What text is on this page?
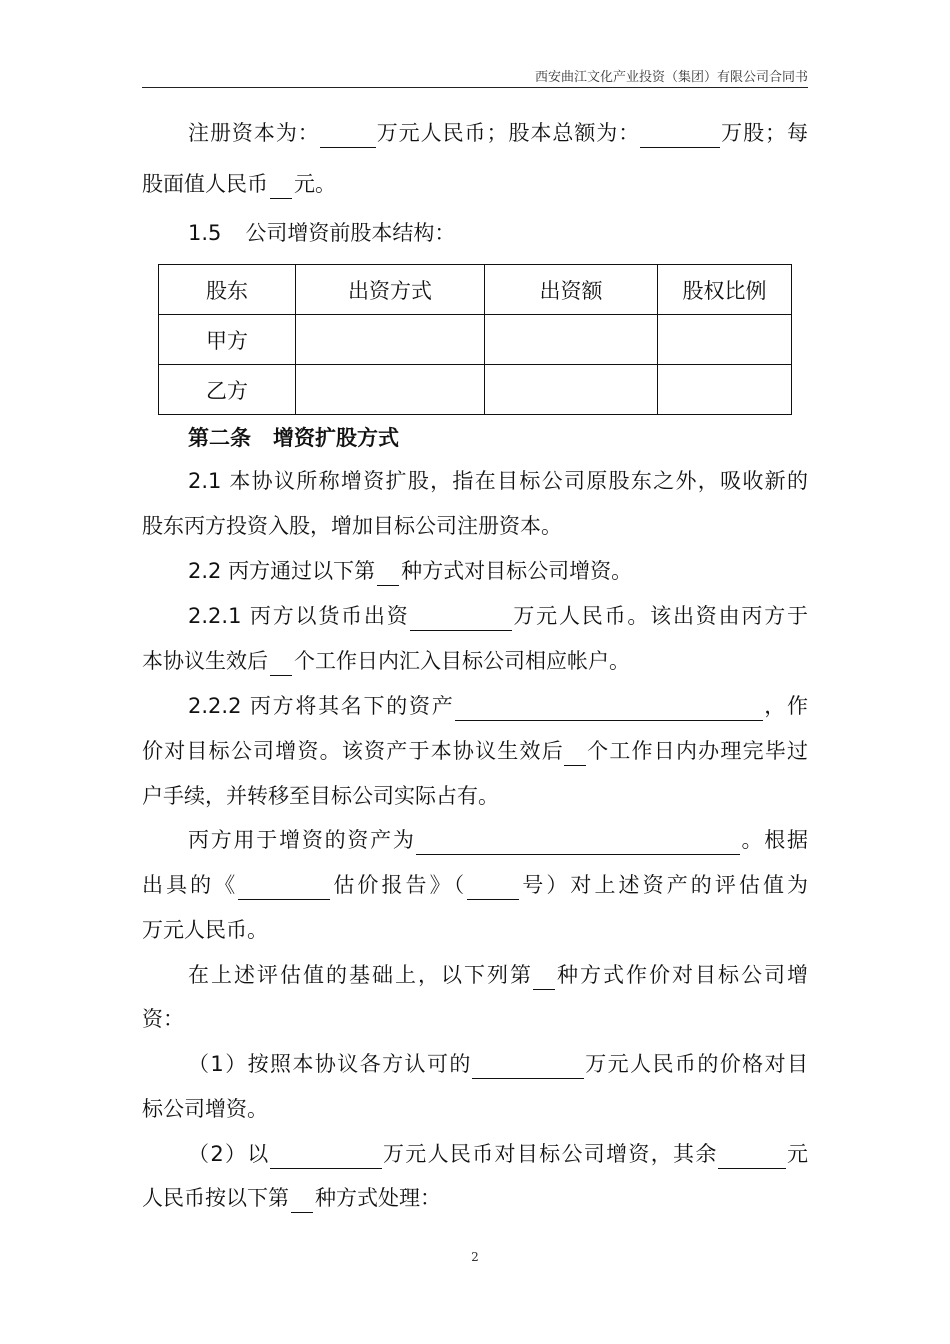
西安曲江文化产业投资（集团）有限公司合同书
注册资本为：	万元人民币；股本总额为：	万股；每
股面值人民币 元。
1.5 公司增资前股本结构：
股东	出资方式	出资额	股权比例
甲方			
乙方			
第二条 增资扩股方式
2.1 本协议所称增资扩股，指在目标公司原股东之外，吸收新的
股东丙方投资入股，增加目标公司注册资本。
2.2 丙方通过以下第 种方式对目标公司增资。
2.2.1 丙方以货币出资	万元人民币。该出资由丙方于
本协议生效后 个工作日内汇入目标公司相应帐户。
2.2.2 丙方将其名下的资产	，作
价对目标公司增资。该资产于本协议生效后 个工作日内办理完毕过
户手续，并转移至目标公司实际占有。
丙方用于增资的资产为	。根据
出具的《	估价报告》（ 号）对上述资产的评估值为
万元人民币。
在上述评估值的基础上，以下列第 种方式作价对目标公司增
资：
（1）按照本协议各方认可的	万元人民币的价格对目
标公司增资。
（2）以	万元人民币对目标公司增资，其余	元
人民币按以下第 种方式处理：
2
